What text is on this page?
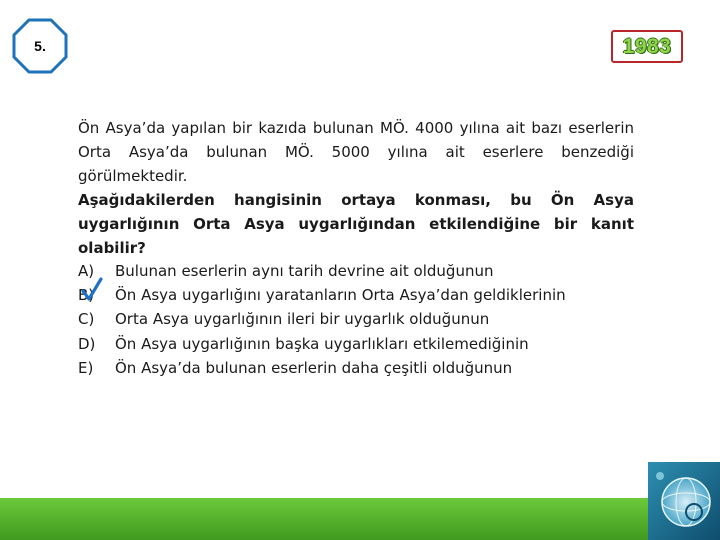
5.	1983

Ön Asya’da yapılan bir kazıda bulunan MÖ. 4000 yılına ait bazı eserlerin Orta Asya’da bulunan MÖ. 5000 yılına ait eserlere benzediği görülmektedir.

Aşağıdakilerden hangisinin ortaya konması, bu Ön Asya uygarlığının Orta Asya uygarlığından etkilendiğine bir kanıt olabilir?

A)	Bulunan eserlerin aynı tarih devrine ait olduğunun
B)	Ön Asya uygarlığını yaratanların Orta Asya’dan geldiklerinin
C)	Orta Asya uygarlığının ileri bir uygarlık olduğunun
D)	Ön Asya uygarlığının başka uygarlıkları etkilemediğinin
E)	Ön Asya’da bulunan eserlerin daha çeşitli olduğunun
